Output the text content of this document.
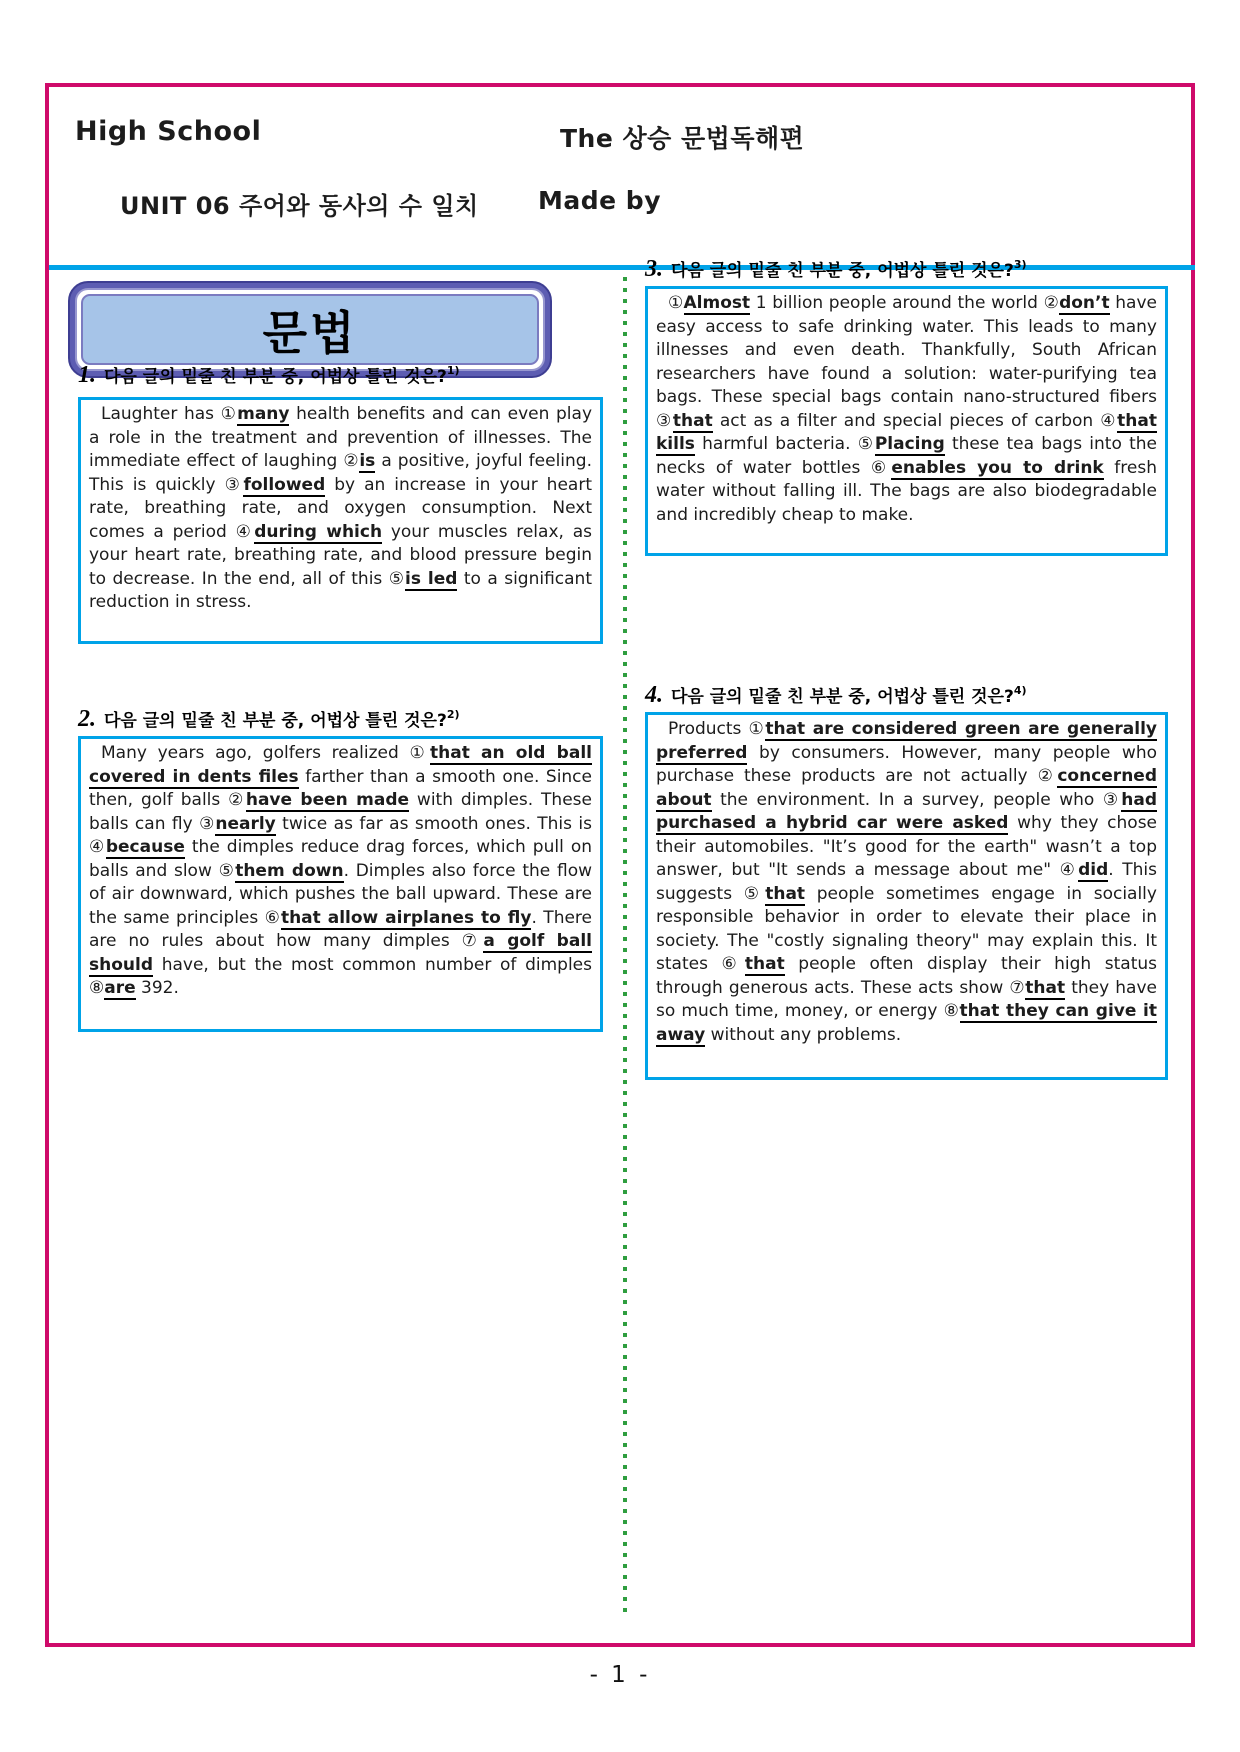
High School	The 상승 문법독해편
UNIT 06 주어와 동사의 수 일치 Made by
문법
1. 다음 글의 밑줄 친 부분 중, 어법상 틀린 것은?$^{1)}$
Laughter has ①many health benefits and can even play a role in the treatment and prevention of illnesses. The immediate effect of laughing ②is a positive, joyful feeling. This is quickly ③followed by an increase in your heart rate, breathing rate, and oxygen consumption. Next comes a period ④during which your muscles relax, as your heart rate, breathing rate, and blood pressure begin to decrease. In the end, all of this ⑤is led to a significant reduction in stress.
2. 다음 글의 밑줄 친 부분 중, 어법상 틀린 것은?$^{2)}$
Many years ago, golfers realized ①that an old ball covered in dents files farther than a smooth one. Since then, golf balls ②have been made with dimples. These balls can fly ③nearly twice as far as smooth ones. This is ④because the dimples reduce drag forces, which pull on balls and slow ⑤them down. Dimples also force the flow of air downward, which pushes the ball upward. These are the same principles ⑥that allow airplanes to fly. There are no rules about how many dimples ⑦a golf ball should have, but the most common number of dimples ⑧are 392.
3. 다음 글의 밑줄 친 부분 중, 어법상 틀린 것은?$^{3)}$
①Almost 1 billion people around the world ②don’t have easy access to safe drinking water. This leads to many illnesses and even death. Thankfully, South African researchers have found a solution: water-purifying tea bags. These special bags contain nano-structured fibers ③that act as a filter and special pieces of carbon ④that kills harmful bacteria. ⑤Placing these tea bags into the necks of water bottles ⑥enables you to drink fresh water without falling ill. The bags are also biodegradable and incredibly cheap to make.
4. 다음 글의 밑줄 친 부분 중, 어법상 틀린 것은?$^{4)}$
Products ①that are considered green are generally preferred by consumers. However, many people who purchase these products are not actually ②concerned about the environment. In a survey, people who ③had purchased a hybrid car were asked why they chose their automobiles. "It’s good for the earth" wasn’t a top answer, but "It sends a message about me" ④did. This suggests ⑤that people sometimes engage in socially responsible behavior in order to elevate their place in society. The "costly signaling theory" may explain this. It states ⑥that people often display their high status through generous acts. These acts show ⑦that they have so much time, money, or energy ⑧that they can give it away without any problems.
- 1 -
